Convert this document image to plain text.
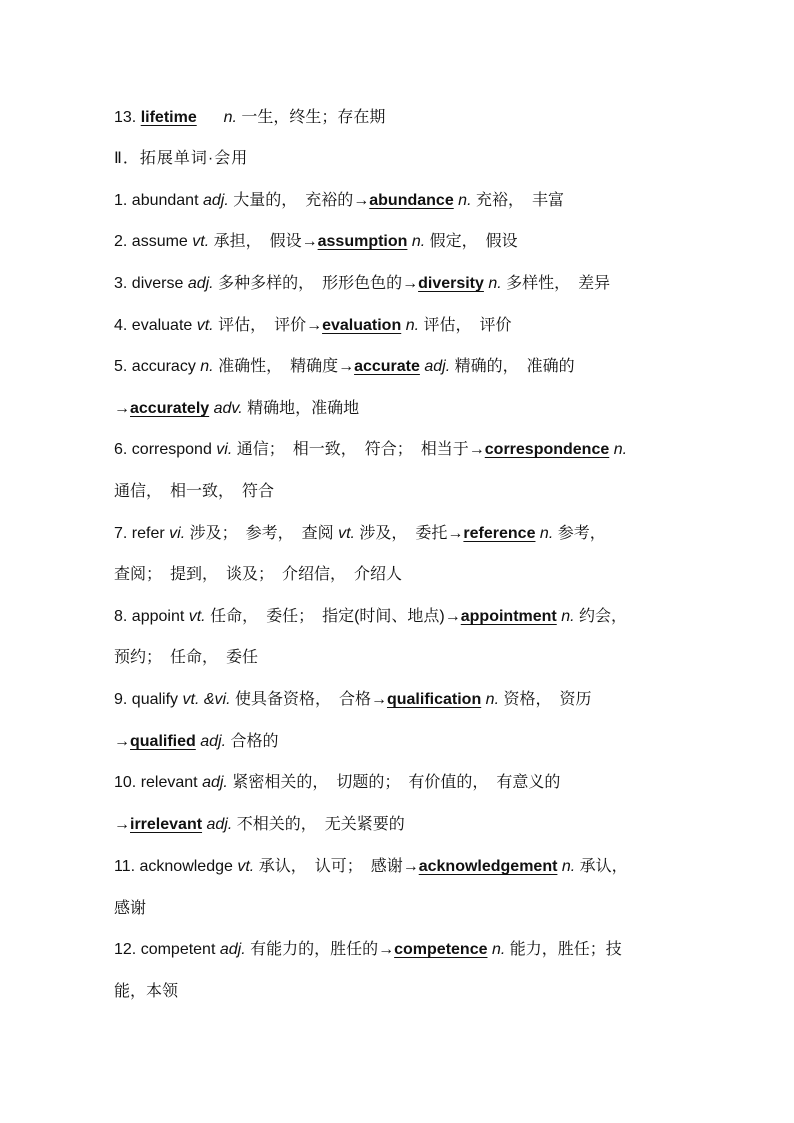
13. lifetime n. 一生，终生；存在期
Ⅱ．拓展单词·会用
1. abundant adj. 大量的，　充裕的→abundance n. 充裕，　丰富
2. assume vt. 承担，　假设→assumption n. 假定，　假设
3. diverse adj. 多种多样的，　形形色色的→diversity n. 多样性，　差异
4. evaluate vt. 评估，　评价→evaluation n. 评估，　评价
5. accuracy n. 准确性，　精确度→accurate adj. 精确的，　准确的
→accurately adv. 精确地，准确地
6. correspond vi. 通信；　相一致，　符合；　相当于→correspondence n.
通信，　相一致，　符合
7. refer vi. 涉及；　参考，　查阅 vt. 涉及，　委托→reference n. 参考，
查阅；　提到，　谈及；　介绍信，　介绍人
8. appoint vt. 任命，　委任；　指定(时间、地点)→appointment n. 约会，
预约；　任命，　委任
9. qualify vt. &vi. 使具备资格，　合格→qualification n. 资格，　资历
→qualified adj. 合格的
10. relevant adj. 紧密相关的，　切题的；　有价值的，　有意义的
→irrelevant adj. 不相关的，　无关紧要的
11. acknowledge vt. 承认，　认可；　感谢→acknowledgement n. 承认，
感谢
12. competent adj. 有能力的，胜任的→competence n. 能力，胜任；技
能，本领
